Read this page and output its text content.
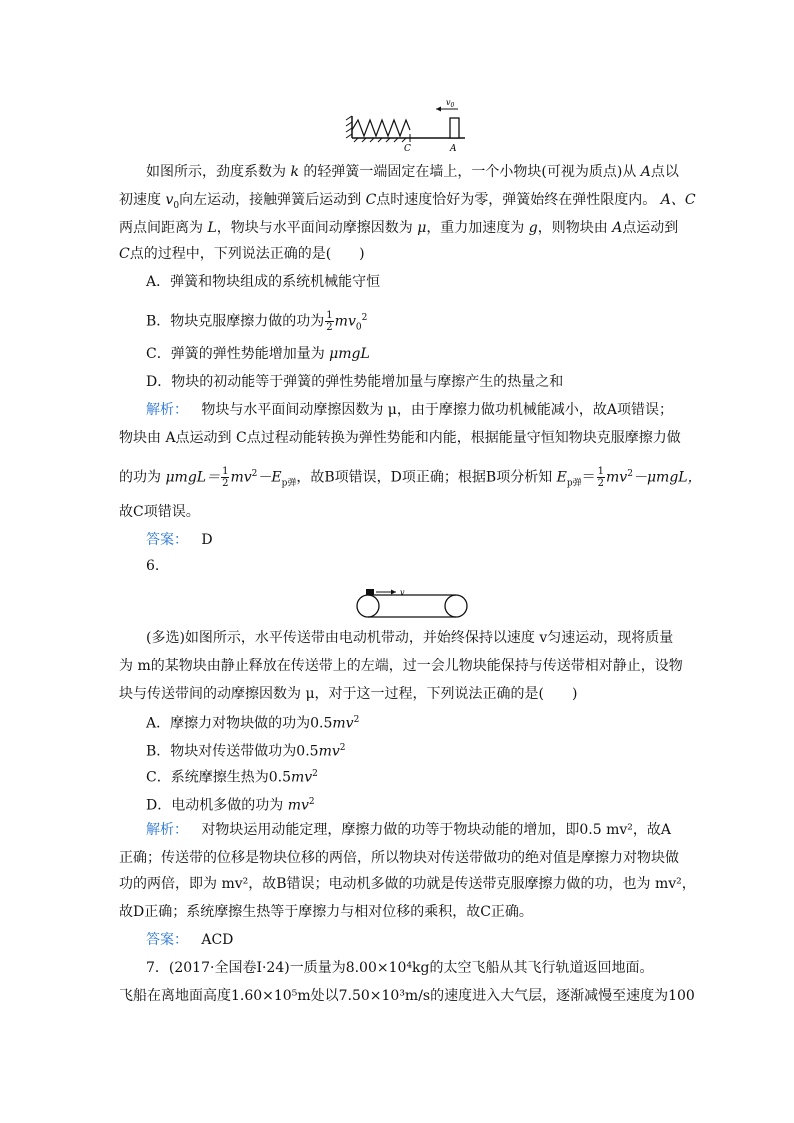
C	A
$v_0$
如图所示，劲度系数为 k 的轻弹簧一端固定在墙上，一个小物块(可视为质点)从 A点以
初速度 $v_0$向左运动，接触弹簧后运动到 C点时速度恰好为零，弹簧始终在弹性限度内。 A、C
两点间距离为 L，物块与水平面间动摩擦因数为 μ，重力加速度为 g，则物块由 A点运动到
C点的过程中，下列说法正确的是(　　)
A．弹簧和物块组成的系统机械能守恒
B．物块克服摩擦力做的功为 $\frac{1}{2} mv_0^2$
C．弹簧的弹性势能增加量为 μmgL
D．物块的初动能等于弹簧的弹性势能增加量与摩擦产生的热量之和
解析： 物块与水平面间动摩擦因数为 μ，由于摩擦力做功机械能减小，故A项错误；
物块由 A点运动到 C点过程动能转换为弹性势能和内能，根据能量守恒知物块克服摩擦力做
的功为 $\mu mgL= \frac{1}{2} mv^2-E_{p弹}$，故B项错误，D项正确；根据B项分析知 $E_{p弹}= \frac{1}{2} mv^2-\mu mgL$，
故C项错误。
答案： D
6.
v
(多选)如图所示，水平传送带由电动机带动，并始终保持以速度 v匀速运动，现将质量
为 m的某物块由静止释放在传送带上的左端，过一会儿物块能保持与传送带相对静止，设物
块与传送带间的动摩擦因数为 μ，对于这一过程，下列说法正确的是(　　)
A．摩擦力对物块做的功为$0.5mv^2$
B．物块对传送带做功为$0.5mv^2$
C．系统摩擦生热为$0.5mv^2$
D．电动机多做的功为 $mv^2$
解析： 对物块运用动能定理，摩擦力做的功等于物块动能的增加，即0.5 mv²，故A
正确；传送带的位移是物块位移的两倍，所以物块对传送带做功的绝对值是摩擦力对物块做
功的两倍，即为 mv²，故B错误；电动机多做的功就是传送带克服摩擦力做的功，也为 mv²，
故D正确；系统摩擦生热等于摩擦力与相对位移的乘积，故C正确。
答案： ACD
7．(2017·全国卷Ⅰ·24)一质量为8.00×10⁴kg的太空飞船从其飞行轨道返回地面。
飞船在离地面高度1.60×10⁵m处以7.50×10³m/s的速度进入大气层，逐渐减慢至速度为100
